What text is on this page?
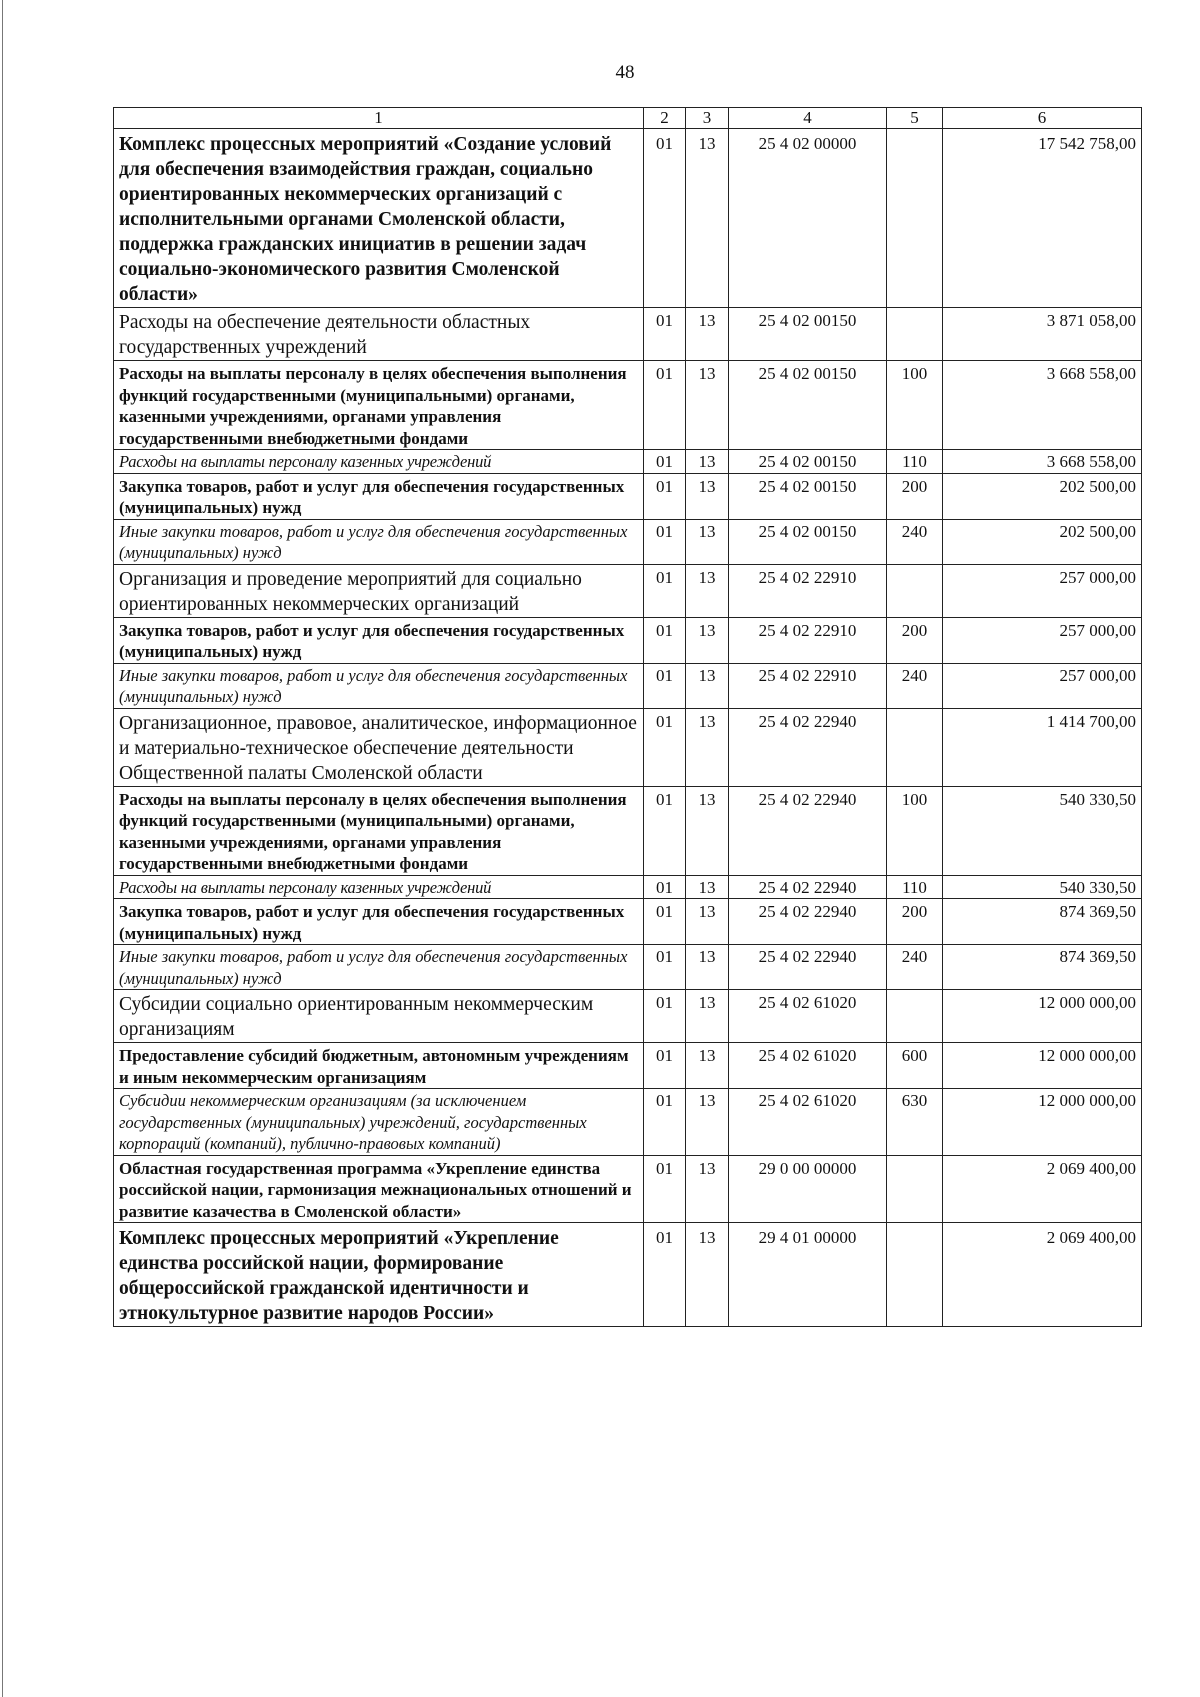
48
1	2	3	4	5	6
Комплекс процессных мероприятий «Создание условий для обеспечения взаимодействия граждан, социально ориентированных некоммерческих организаций с исполнительными органами Смоленской области, поддержка гражданских инициатив в решении задач социально-экономического развития Смоленской области»	01	13	25 4 02 00000		17 542 758,00
Расходы на обеспечение деятельности областных государственных учреждений	01	13	25 4 02 00150		3 871 058,00
Расходы на выплаты персоналу в целях обеспечения выполнения функций государственными (муниципальными) органами, казенными учреждениями, органами управления государственными внебюджетными фондами	01	13	25 4 02 00150	100	3 668 558,00
Расходы на выплаты персоналу казенных учреждений	01	13	25 4 02 00150	110	3 668 558,00
Закупка товаров, работ и услуг для обеспечения государственных (муниципальных) нужд	01	13	25 4 02 00150	200	202 500,00
Иные закупки товаров, работ и услуг для обеспечения государственных (муниципальных) нужд	01	13	25 4 02 00150	240	202 500,00
Организация и проведение мероприятий для социально ориентированных некоммерческих организаций	01	13	25 4 02 22910		257 000,00
Закупка товаров, работ и услуг для обеспечения государственных (муниципальных) нужд	01	13	25 4 02 22910	200	257 000,00
Иные закупки товаров, работ и услуг для обеспечения государственных (муниципальных) нужд	01	13	25 4 02 22910	240	257 000,00
Организационное, правовое, аналитическое, информационное и материально-техническое обеспечение деятельности Общественной палаты Смоленской области	01	13	25 4 02 22940		1 414 700,00
Расходы на выплаты персоналу в целях обеспечения выполнения функций государственными (муниципальными) органами, казенными учреждениями, органами управления государственными внебюджетными фондами	01	13	25 4 02 22940	100	540 330,50
Расходы на выплаты персоналу казенных учреждений	01	13	25 4 02 22940	110	540 330,50
Закупка товаров, работ и услуг для обеспечения государственных (муниципальных) нужд	01	13	25 4 02 22940	200	874 369,50
Иные закупки товаров, работ и услуг для обеспечения государственных (муниципальных) нужд	01	13	25 4 02 22940	240	874 369,50
Субсидии социально ориентированным некоммерческим организациям	01	13	25 4 02 61020		12 000 000,00
Предоставление субсидий бюджетным, автономным учреждениям и иным некоммерческим организациям	01	13	25 4 02 61020	600	12 000 000,00
Субсидии некоммерческим организациям (за исключением государственных (муниципальных) учреждений, государственных корпораций (компаний), публично-правовых компаний)	01	13	25 4 02 61020	630	12 000 000,00
Областная государственная программа «Укрепление единства российской нации, гармонизация межнациональных отношений и развитие казачества в Смоленской области»	01	13	29 0 00 00000		2 069 400,00
Комплекс процессных мероприятий «Укрепление единства российской нации, формирование общероссийской гражданской идентичности и этнокультурное развитие народов России»	01	13	29 4 01 00000		2 069 400,00
